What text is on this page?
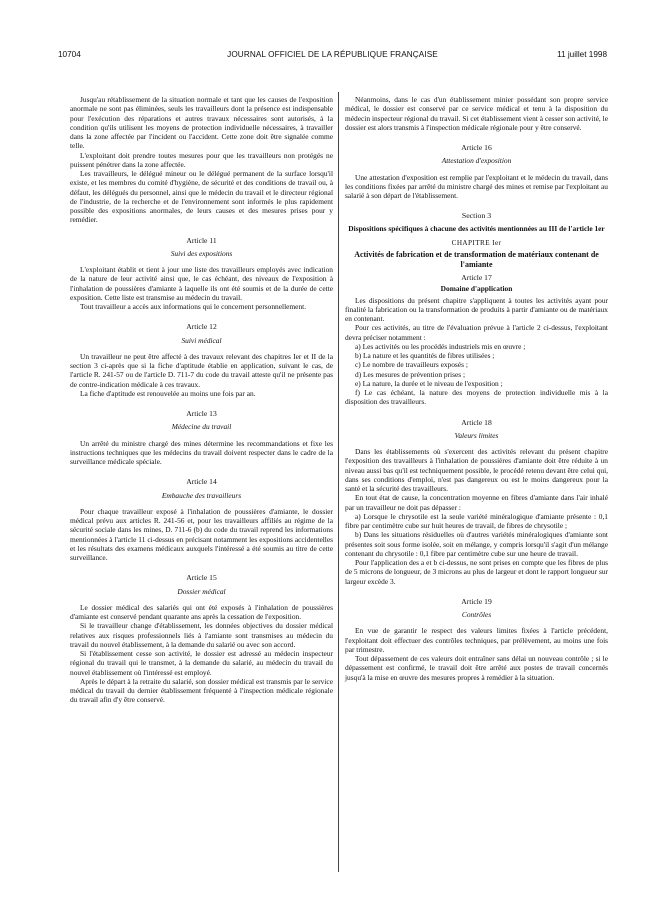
10704	JOURNAL OFFICIEL DE LA RÉPUBLIQUE FRANÇAISE	11 juillet 1998

Jusqu'au rétablissement de la situation normale et tant que les causes de l'exposition anormale ne sont pas éliminées, seuls les travailleurs dont la présence est indispensable pour l'exécution des réparations et autres travaux nécessaires sont autorisés, à la condition qu'ils utilisent les moyens de protection individuelle nécessaires, à travailler dans la zone affectée par l'incident ou l'accident. Cette zone doit être signalée comme telle.

L'exploitant doit prendre toutes mesures pour que les travailleurs non protégés ne puissent pénétrer dans la zone affectée.

Les travailleurs, le délégué mineur ou le délégué permanent de la surface lorsqu'il existe, et les membres du comité d'hygiène, de sécurité et des conditions de travail ou, à défaut, les délégués du personnel, ainsi que le médecin du travail et le directeur régional de l'industrie, de la recherche et de l'environnement sont informés le plus rapidement possible des expositions anormales, de leurs causes et des mesures prises pour y remédier.

Article 11

Suivi des expositions

L'exploitant établit et tient à jour une liste des travailleurs employés avec indication de la nature de leur activité ainsi que, le cas échéant, des niveaux de l'exposition à l'inhalation de poussières d'amiante à laquelle ils ont été soumis et de la durée de cette exposition. Cette liste est transmise au médecin du travail.

Tout travailleur a accès aux informations qui le concernent personnellement.

Article 12

Suivi médical

Un travailleur ne peut être affecté à des travaux relevant des chapitres Ier et II de la section 3 ci-après que si la fiche d'aptitude établie en application, suivant le cas, de l'article R. 241-57 ou de l'article D. 711-7 du code du travail atteste qu'il ne présente pas de contre-indication médicale à ces travaux.

La fiche d'aptitude est renouvelée au moins une fois par an.

Article 13

Médecine du travail

Un arrêté du ministre chargé des mines détermine les recommandations et fixe les instructions techniques que les médecins du travail doivent respecter dans le cadre de la surveillance médicale spéciale.

Article 14

Embauche des travailleurs

Pour chaque travailleur exposé à l'inhalation de poussières d'amiante, le dossier médical prévu aux articles R. 241-56 et, pour les travailleurs affiliés au régime de la sécurité sociale dans les mines, D. 711-6 (b) du code du travail reprend les informations mentionnées à l'article 11 ci-dessus en précisant notamment les expositions accidentelles et les résultats des examens médicaux auxquels l'intéressé a été soumis au titre de cette surveillance.

Article 15

Dossier médical

Le dossier médical des salariés qui ont été exposés à l'inhalation de poussières d'amiante est conservé pendant quarante ans après la cessation de l'exposition.

Si le travailleur change d'établissement, les données objectives du dossier médical relatives aux risques professionnels liés à l'amiante sont transmises au médecin du travail du nouvel établissement, à la demande du salarié ou avec son accord.

Si l'établissement cesse son activité, le dossier est adressé au médecin inspecteur régional du travail qui le transmet, à la demande du salarié, au médecin du travail du nouvel établissement où l'intéressé est employé.

Après le départ à la retraite du salarié, son dossier médical est transmis par le service médical du travail du dernier établissement fréquenté à l'inspection médicale régionale du travail afin d'y être conservé.

Néanmoins, dans le cas d'un établissement minier possédant son propre service médical, le dossier est conservé par ce service médical et tenu à la disposition du médecin inspecteur régional du travail. Si cet établissement vient à cesser son activité, le dossier est alors transmis à l'inspection médicale régionale pour y être conservé.

Article 16

Attestation d'exposition

Une attestation d'exposition est remplie par l'exploitant et le médecin du travail, dans les conditions fixées par arrêté du ministre chargé des mines et remise par l'exploitant au salarié à son départ de l'établissement.

Section 3

Dispositions spécifiques à chacune des activités mentionnées au III de l'article 1er

CHAPITRE Ier

Activités de fabrication et de transformation de matériaux contenant de l'amiante

Article 17

Domaine d'application

Les dispositions du présent chapitre s'appliquent à toutes les activités ayant pour finalité la fabrication ou la transformation de produits à partir d'amiante ou de matériaux en contenant.

Pour ces activités, au titre de l'évaluation prévue à l'article 2 ci-dessus, l'exploitant devra préciser notamment :

a) Les activités ou les procédés industriels mis en œuvre ;

b) La nature et les quantités de fibres utilisées ;

c) Le nombre de travailleurs exposés ;

d) Les mesures de prévention prises ;

e) La nature, la durée et le niveau de l'exposition ;

f) Le cas échéant, la nature des moyens de protection individuelle mis à la disposition des travailleurs.

Article 18

Valeurs limites

Dans les établissements où s'exercent des activités relevant du présent chapitre l'exposition des travailleurs à l'inhalation de poussières d'amiante doit être réduite à un niveau aussi bas qu'il est techniquement possible, le procédé retenu devant être celui qui, dans ses conditions d'emploi, n'est pas dangereux ou est le moins dangereux pour la santé et la sécurité des travailleurs.

En tout état de cause, la concentration moyenne en fibres d'amiante dans l'air inhalé par un travailleur ne doit pas dépasser :

a) Lorsque le chrysotile est la seule variété minéralogique d'amiante présente : 0,1 fibre par centimètre cube sur huit heures de travail, de fibres de chrysotile ;

b) Dans les situations résiduelles où d'autres variétés minéralogiques d'amiante sont présentes soit sous forme isolée, soit en mélange, y compris lorsqu'il s'agit d'un mélange contenant du chrysotile : 0,1 fibre par centimètre cube sur une heure de travail.

Pour l'application des a et b ci-dessus, ne sont prises en compte que les fibres de plus de 5 microns de longueur, de 3 microns au plus de largeur et dont le rapport longueur sur largeur excède 3.

Article 19

Contrôles

En vue de garantir le respect des valeurs limites fixées à l'article précédent, l'exploitant doit effectuer des contrôles techniques, par prélèvement, au moins une fois par trimestre.

Tout dépassement de ces valeurs doit entraîner sans délai un nouveau contrôle ; si le dépassement est confirmé, le travail doit être arrêté aux postes de travail concernés jusqu'à la mise en œuvre des mesures propres à remédier à la situation.
